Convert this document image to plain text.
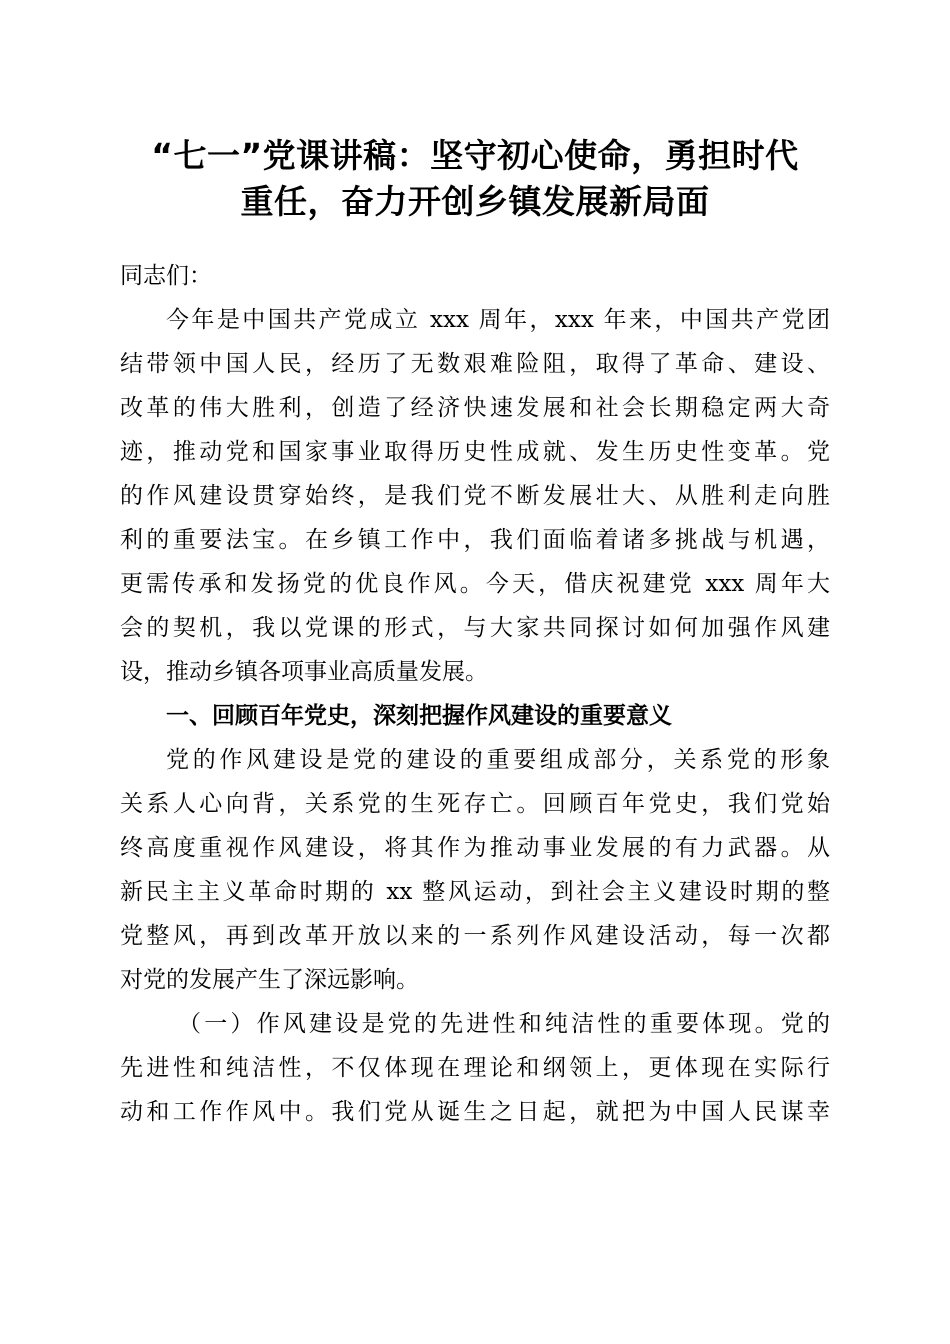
“七一”党课讲稿：坚守初心使命，勇担时代
重任，奋力开创乡镇发展新局面
同志们：
今年是中国共产党成立 xxx 周年，xxx 年来，中国共产党团
结带领中国人民，经历了无数艰难险阻，取得了革命、建设、
改革的伟大胜利，创造了经济快速发展和社会长期稳定两大奇
迹，推动党和国家事业取得历史性成就、发生历史性变革。党
的作风建设贯穿始终，是我们党不断发展壮大、从胜利走向胜
利的重要法宝。在乡镇工作中，我们面临着诸多挑战与机遇，
更需传承和发扬党的优良作风。今天，借庆祝建党 xxx 周年大
会的契机，我以党课的形式，与大家共同探讨如何加强作风建
设，推动乡镇各项事业高质量发展。
一、回顾百年党史，深刻把握作风建设的重要意义
党的作风建设是党的建设的重要组成部分，关系党的形象
关系人心向背，关系党的生死存亡。回顾百年党史，我们党始
终高度重视作风建设，将其作为推动事业发展的有力武器。从
新民主主义革命时期的 xx 整风运动，到社会主义建设时期的整
党整风，再到改革开放以来的一系列作风建设活动，每一次都
对党的发展产生了深远影响。
（一）作风建设是党的先进性和纯洁性的重要体现。党的
先进性和纯洁性，不仅体现在理论和纲领上，更体现在实际行
动和工作作风中。我们党从诞生之日起，就把为中国人民谋幸
